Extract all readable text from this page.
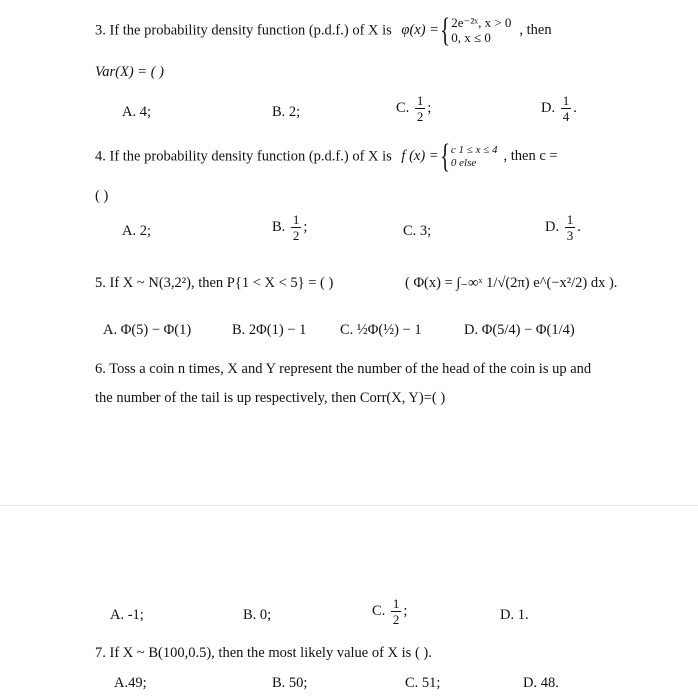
3. If the probability density function (p.d.f.) of X is φ(x) ={ 2e⁻²ˣ, x > 0
0, x ≤ 0	, then
Var(X) = ( )
A. 4;	B. 2;	C. $\frac{1}{2}$ ;	D. $\frac{1}{4}$ .
4. If the probability density function (p.d.f.) of X is f (x) ={ c 1 ≤ x ≤ 4
0 else	, then c =
( )
A. 2;	B. $\frac{1}{2}$ ;	C. 3;	D. $\frac{1}{3}$ .
5. If X ~ N(3,2²), then P{1 < X < 5} = ( )	( Φ(x) = ∫₋∞ˣ 1/√(2π) e^(−x²/2) dx ).
A. Φ(5) − Φ(1)	B. 2Φ(1) − 1 C. ½Φ(½) − 1	D. Φ(5/4) − Φ(1/4)
6. Toss a coin n times, X and Y represent the number of the head of the coin is up and
the number of the tail is up respectively, then Corr(X, Y)=( )
A. -1;	B. 0;	C. $\frac{1}{2}$ ;	D. 1.
7. If X ~ B(100,0.5), then the most likely value of X is ( ).
A.49;	B. 50;	C. 51;	D. 48.
